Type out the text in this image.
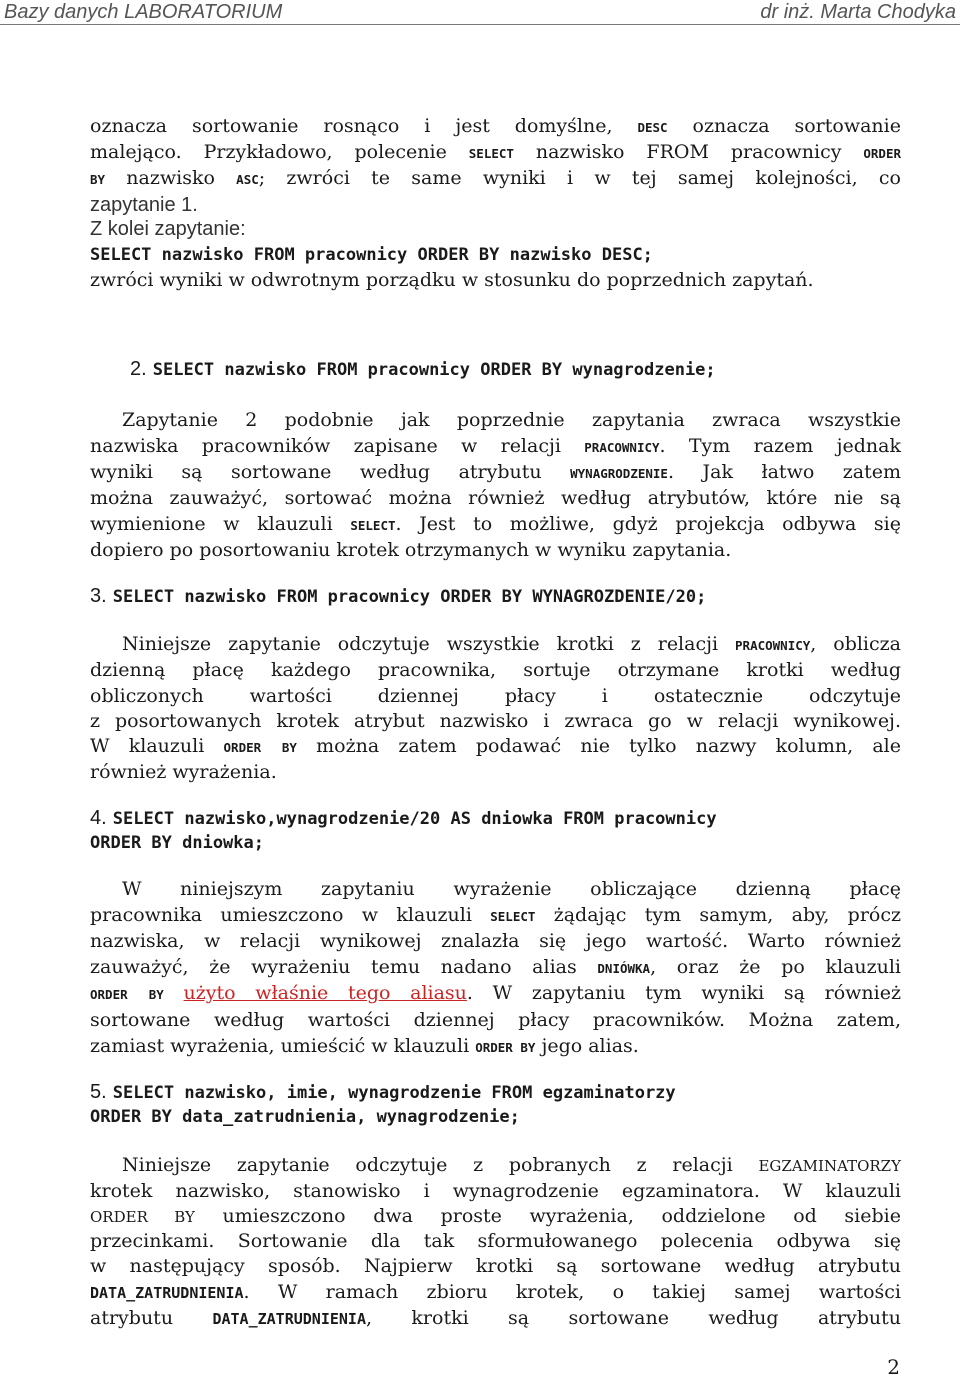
Bazy danych LABORATORIUM	dr inż. Marta Chodyka
oznacza sortowanie rosnąco i jest domyślne, DESC oznacza sortowanie
malejąco. Przykładowo, polecenie SELECT nazwisko FROM pracownicy ORDER
BY nazwisko ASC; zwróci te same wyniki i w tej samej kolejności, co
zapytanie 1.
Z kolei zapytanie:
SELECT nazwisko FROM pracownicy ORDER BY nazwisko DESC;
zwróci wyniki w odwrotnym porządku w stosunku do poprzednich zapytań.
2. SELECT nazwisko FROM pracownicy ORDER BY wynagrodzenie;
Zapytanie 2 podobnie jak poprzednie zapytania zwraca wszystkie
nazwiska pracowników zapisane w relacji PRACOWNICY. Tym razem jednak
wyniki są sortowane według atrybutu WYNAGRODZENIE. Jak łatwo zatem
można zauważyć, sortować można również według atrybutów, które nie są
wymienione w klauzuli SELECT. Jest to możliwe, gdyż projekcja odbywa się
dopiero po posortowaniu krotek otrzymanych w wyniku zapytania.
3. SELECT nazwisko FROM pracownicy ORDER BY WYNAGROZDENIE/20;
Niniejsze zapytanie odczytuje wszystkie krotki z relacji PRACOWNICY, oblicza
dzienną płacę każdego pracownika, sortuje otrzymane krotki według
obliczonych wartości dziennej płacy i ostatecznie odczytuje
z posortowanych krotek atrybut nazwisko i zwraca go w relacji wynikowej.
W klauzuli ORDER BY można zatem podawać nie tylko nazwy kolumn, ale
również wyrażenia.
4. SELECT nazwisko,wynagrodzenie/20 AS dniowka FROM pracownicy
ORDER BY dniowka;
W niniejszym zapytaniu wyrażenie obliczające dzienną płacę
pracownika umieszczono w klauzuli SELECT żądając tym samym, aby, prócz
nazwiska, w relacji wynikowej znalazła się jego wartość. Warto również
zauważyć, że wyrażeniu temu nadano alias DNIÓWKA, oraz że po klauzuli
ORDER BY użyto właśnie tego aliasu. W zapytaniu tym wyniki są również
sortowane według wartości dziennej płacy pracowników. Można zatem,
zamiast wyrażenia, umieścić w klauzuli ORDER BY jego alias.
5. SELECT nazwisko, imie, wynagrodzenie FROM egzaminatorzy
ORDER BY data_zatrudnienia, wynagrodzenie;
Niniejsze zapytanie odczytuje z pobranych z relacji EGZAMINATORZY
krotek nazwisko, stanowisko i wynagrodzenie egzaminatora. W klauzuli
ORDER BY umieszczono dwa proste wyrażenia, oddzielone od siebie
przecinkami. Sortowanie dla tak sformułowanego polecenia odbywa się
w następujący sposób. Najpierw krotki są sortowane według atrybutu
DATA_ZATRUDNIENIA. W ramach zbioru krotek, o takiej samej wartości
atrybutu DATA_ZATRUDNIENIA, krotki są sortowane według atrybutu
2
